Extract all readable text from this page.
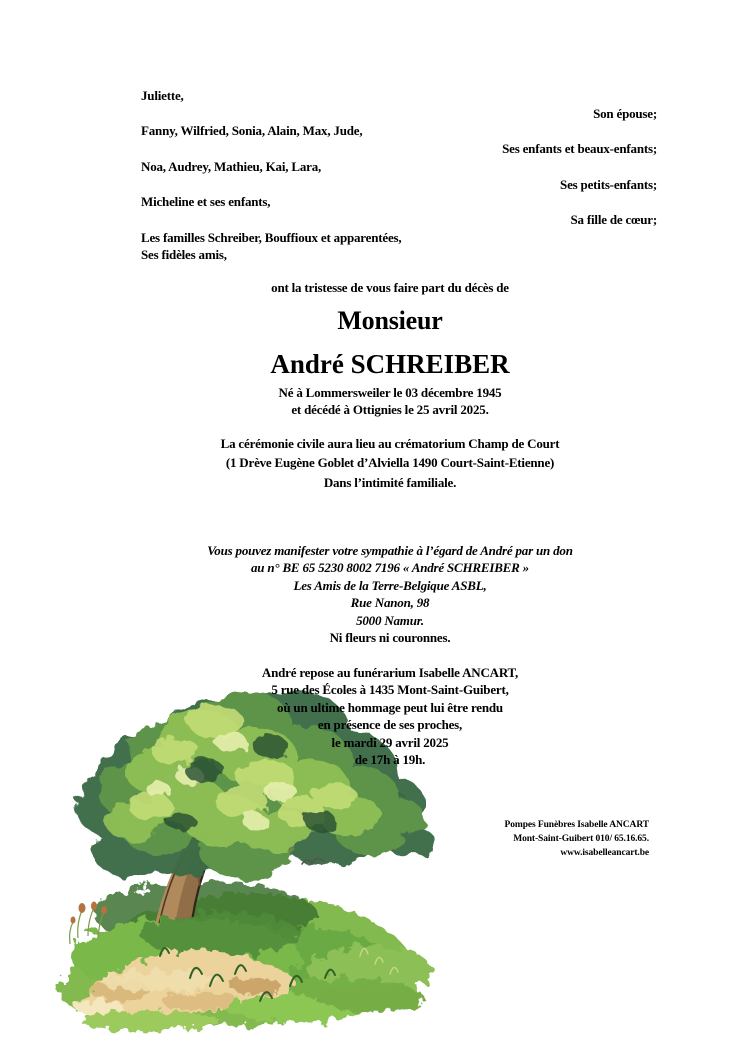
Juliette,
Son épouse;
Fanny, Wilfried, Sonia, Alain, Max, Jude,
Ses enfants et beaux-enfants;
Noa, Audrey, Mathieu, Kai, Lara,
Ses petits-enfants;
Micheline et ses enfants,
Sa fille de cœur;
Les familles Schreiber, Bouffioux et apparentées,
Ses fidèles amis,
ont la tristesse de vous faire part du décès de
Monsieur
André SCHREIBER
Né à Lommersweiler le 03 décembre 1945
et décédé à Ottignies le 25 avril 2025.
La cérémonie civile aura lieu au crématorium Champ de Court
(1 Drève Eugène Goblet d’Alviella 1490 Court-Saint-Etienne)
Dans l’intimité familiale.
Vous pouvez manifester votre sympathie à l’égard de André par un don
au n° BE 65 5230 8002 7196 « André SCHREIBER »
Les Amis de la Terre-Belgique ASBL,
Rue Nanon, 98
5000 Namur.
Ni fleurs ni couronnes.
André repose au funérarium Isabelle ANCART,
5 rue des Écoles à 1435 Mont-Saint-Guibert,
où un ultime hommage peut lui être rendu
en présence de ses proches,
le mardi 29 avril 2025
de 17h à 19h.
Pompes Funèbres Isabelle ANCART
Mont-Saint-Guibert 010/ 65.16.65.
www.isabelleancart.be
